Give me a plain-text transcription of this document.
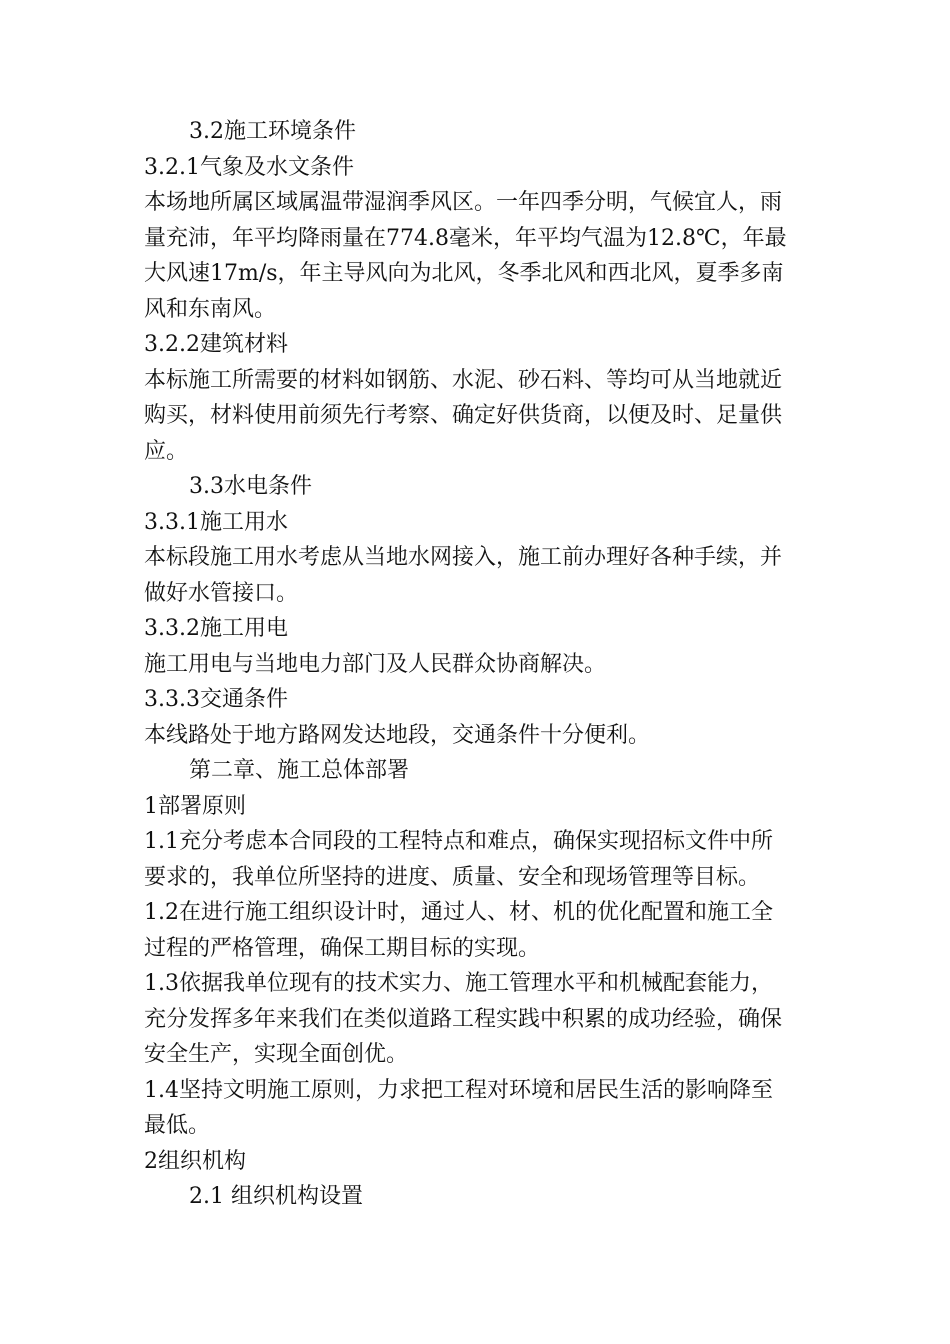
3.2施工环境条件

3.2.1气象及水文条件

本场地所属区域属温带湿润季风区。一年四季分明，气候宜人，雨

量充沛，年平均降雨量在774.8毫米，年平均气温为12.8℃，年最

大风速17m/s，年主导风向为北风，冬季北风和西北风，夏季多南

风和东南风。

3.2.2建筑材料

本标施工所需要的材料如钢筋、水泥、砂石料、等均可从当地就近

购买，材料使用前须先行考察、确定好供货商，以便及时、足量供

应。

3.3水电条件

3.3.1施工用水

本标段施工用水考虑从当地水网接入，施工前办理好各种手续，并

做好水管接口。

3.3.2施工用电

施工用电与当地电力部门及人民群众协商解决。

3.3.3交通条件

本线路处于地方路网发达地段，交通条件十分便利。

第二章、施工总体部署

1部署原则

1.1充分考虑本合同段的工程特点和难点，确保实现招标文件中所

要求的，我单位所坚持的进度、质量、安全和现场管理等目标。

1.2在进行施工组织设计时，通过人、材、机的优化配置和施工全

过程的严格管理，确保工期目标的实现。

1.3依据我单位现有的技术实力、施工管理水平和机械配套能力，

充分发挥多年来我们在类似道路工程实践中积累的成功经验，确保

安全生产，实现全面创优。

1.4坚持文明施工原则，力求把工程对环境和居民生活的影响降至

最低。

2组织机构

2.1 组织机构设置
